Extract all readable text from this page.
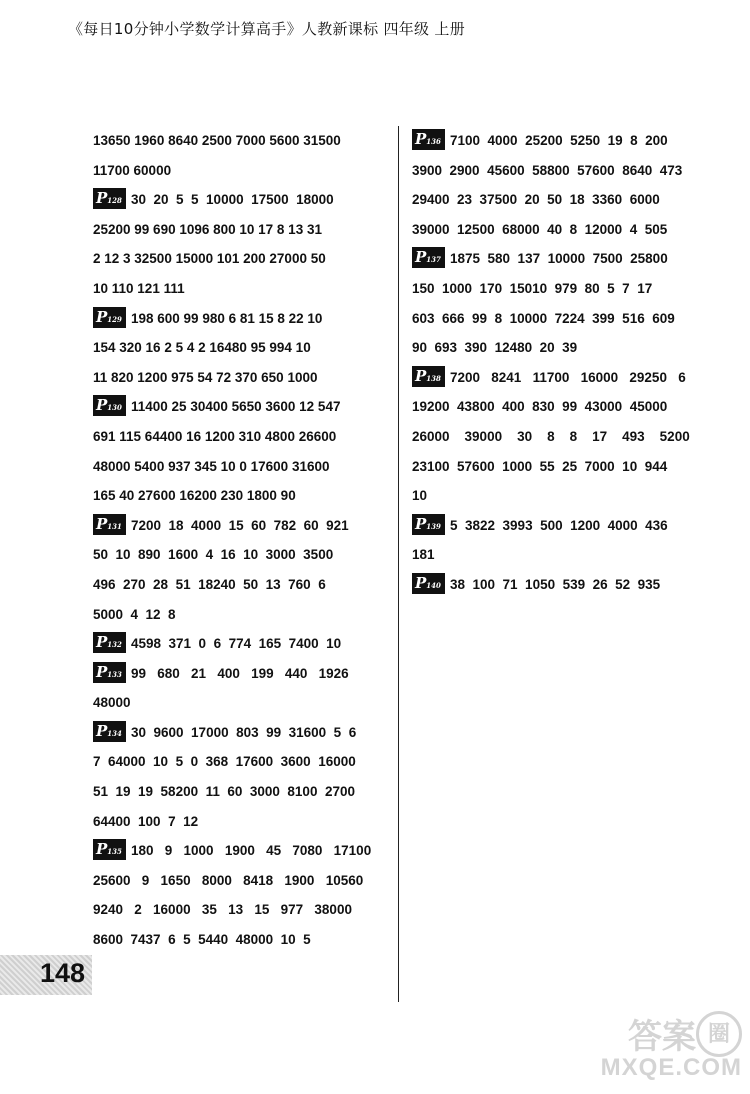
《每日10分钟小学数学计算高手》人教新课标 四年级 上册
13650 1960 8640 2500 7000 5600 31500
11700 60000
P128 30  20  5  5  10000  17500  18000
25200 99 690 1096 800 10 17 8 13 31
2 12 3 32500 15000 101 200 27000 50
10 110 121 111
P129 198 600 99 980 6 81 15 8 22 10
154 320 16 2 5 4 2 16480 95 994 10
11 820 1200 975 54 72 370 650 1000
P130 11400 25 30400 5650 3600 12 547
691 115 64400 16 1200 310 4800 26600
48000 5400 937 345 10 0 17600 31600
165 40 27600 16200 230 1800 90
P131 7200  18  4000  15  60  782  60  921
50  10  890  1600  4  16  10  3000  3500
496  270  28  51  18240  50  13  760  6
5000  4  12  8
P132 4598  371  0  6  774  165  7400  10
P133 99   680   21   400   199   440   1926
48000
P134 30  9600  17000  803  99  31600  5  6
7  64000  10  5  0  368  17600  3600  16000
51  19  19  58200  11  60  3000  8100  2700
64400  100  7  12
P135 180   9   1000   1900   45   7080   17100
25600   9   1650   8000   8418   1900   10560
9240   2   16000   35   13   15   977   38000
8600  7437  6  5  5440  48000  10  5
P136 7100  4000  25200  5250  19  8  200
3900  2900  45600  58800  57600  8640  473
29400  23  37500  20  50  18  3360  6000
39000  12500  68000  40  8  12000  4  505
P137 1875  580  137  10000  7500  25800
150  1000  170  15010  979  80  5  7  17
603  666  99  8  10000  7224  399  516  609
90  693  390  12480  20  39
P138 7200   8241   11700   16000   29250   6
19200  43800  400  830  99  43000  45000
26000    39000    30    8    8    17    493    5200
23100  57600  1000  55  25  7000  10  944
10
P139 5  3822  3993  500  1200  4000  436
181
P140 38  100  71  1050  539  26  52  935
148
答案 圈
MXQE.COM
